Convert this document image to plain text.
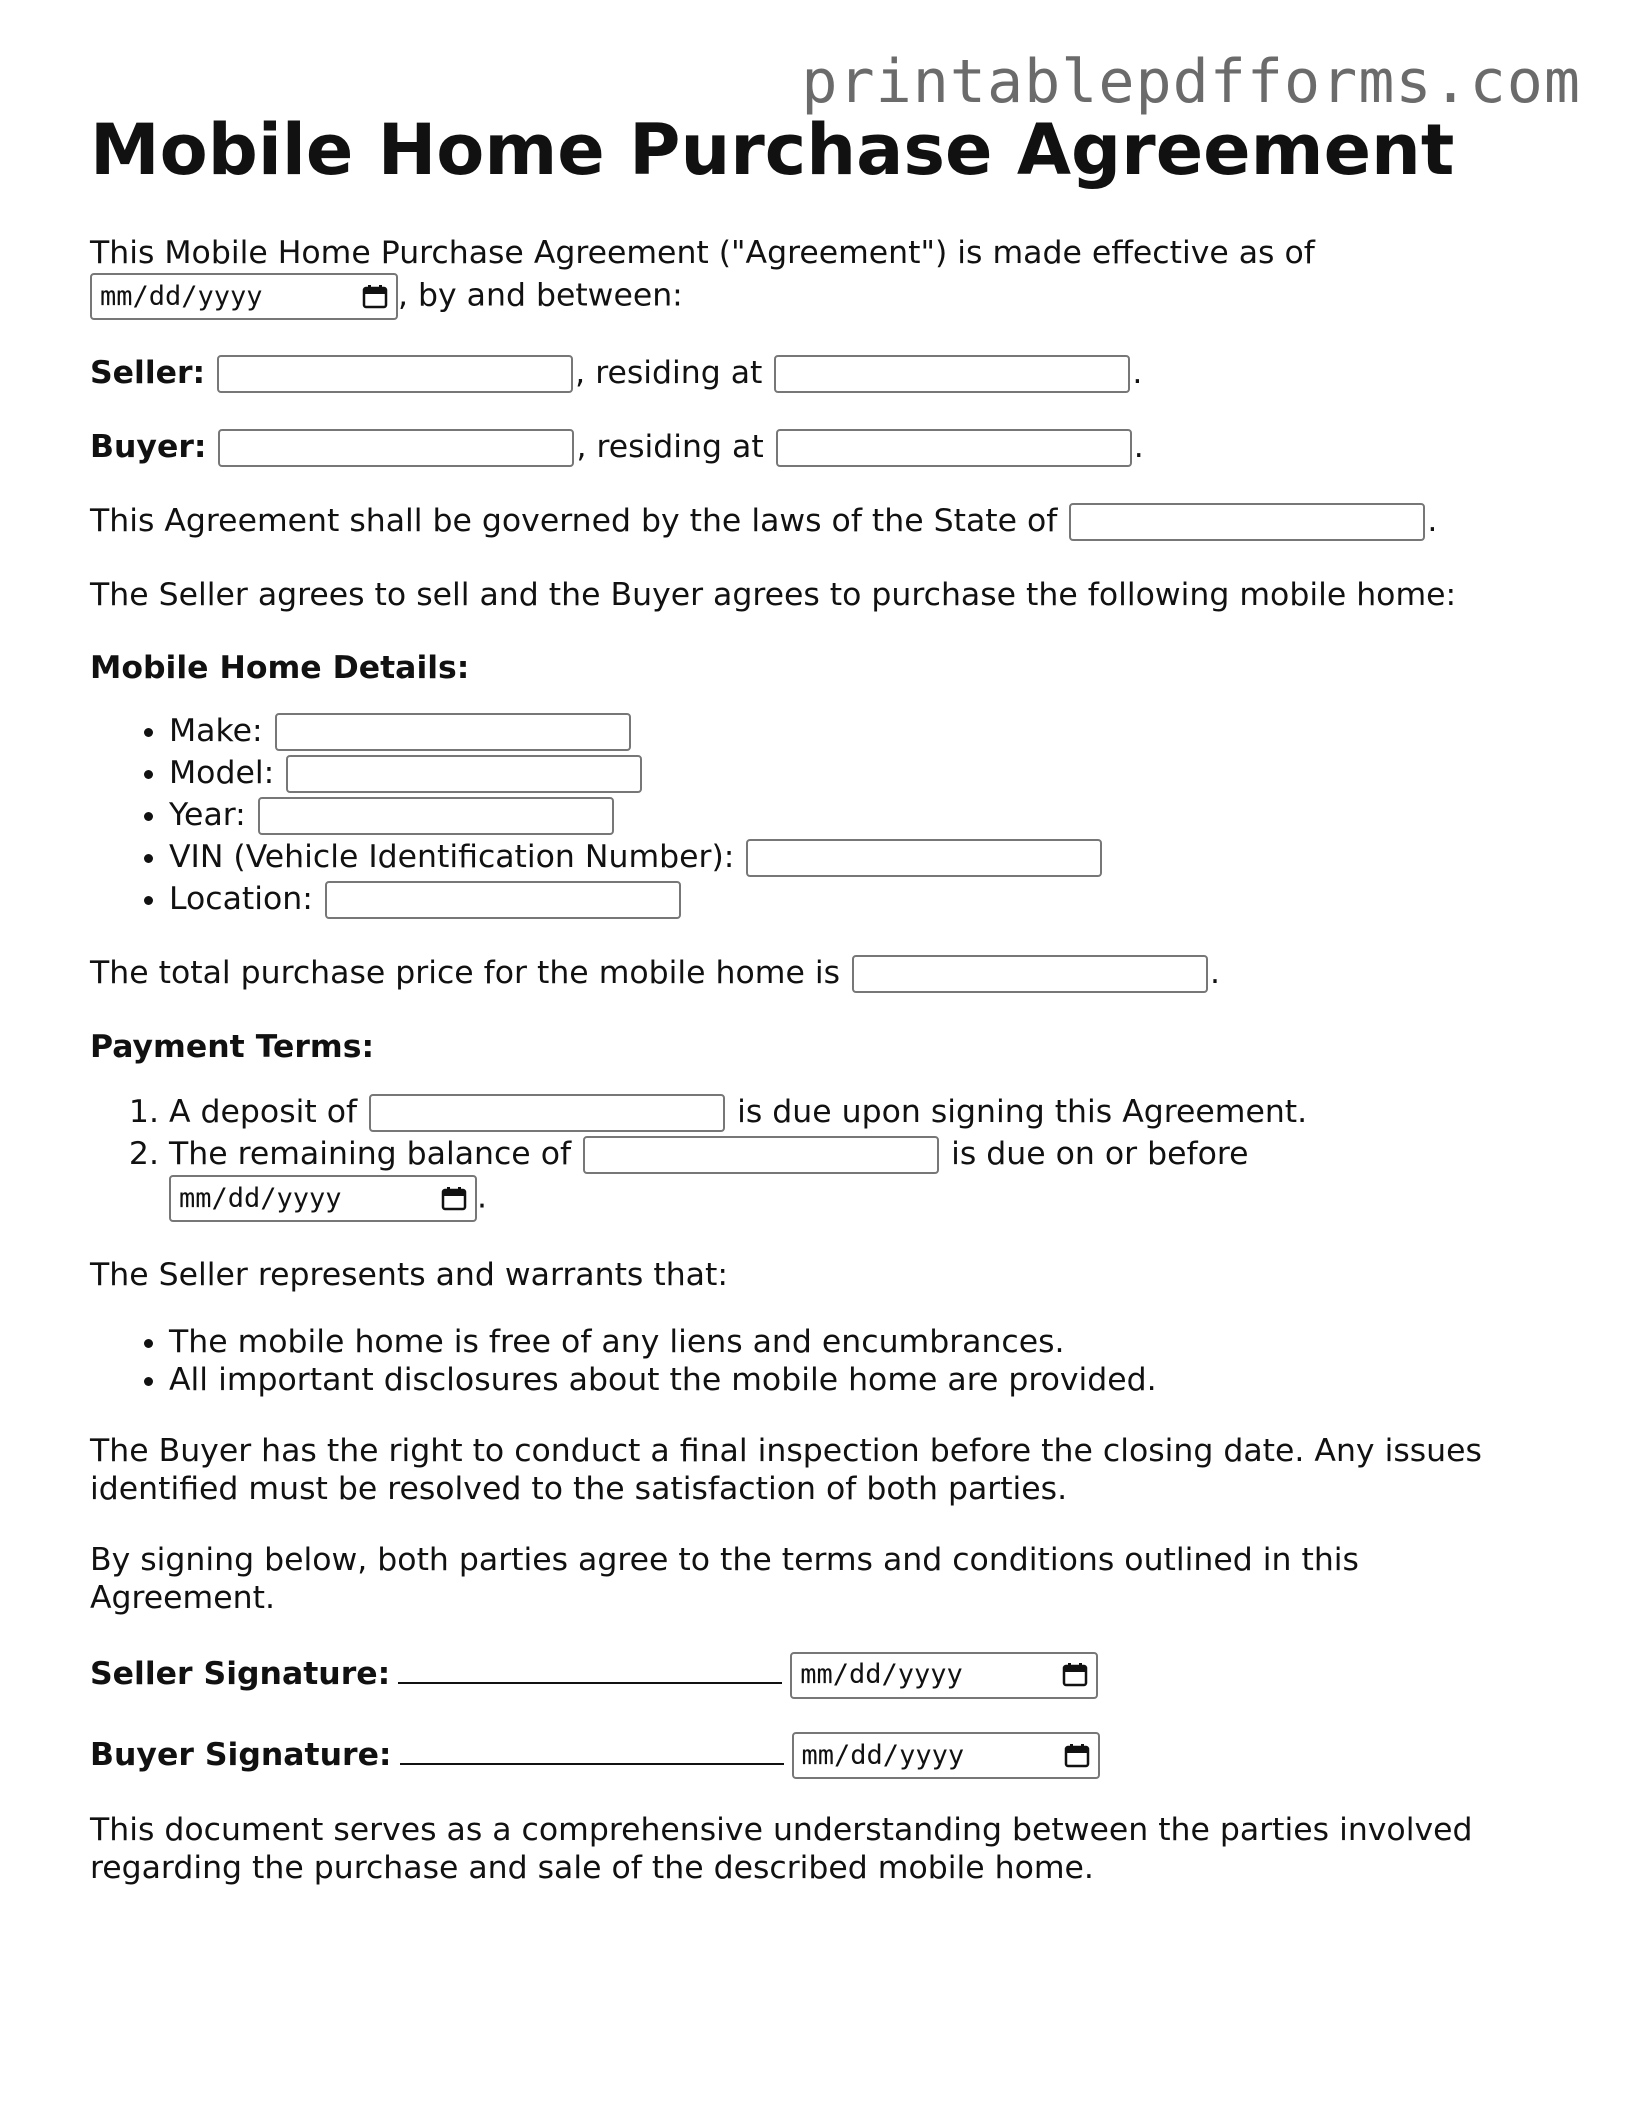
printablepdfforms.com
Mobile Home Purchase Agreement

This Mobile Home Purchase Agreement ("Agreement") is made effective as of

mm/dd/yyyy	, by and between:

Seller:	, residing at	.
Buyer:	, residing at	.
This Agreement shall be governed by the laws of the State of	.

The Seller agrees to sell and the Buyer agrees to purchase the following mobile home:

Mobile Home Details:

• Make:
• Model:
• Year:
• VIN (Vehicle Identification Number):
• Location:
The total purchase price for the mobile home is	.

Payment Terms:

1. A deposit of	is due upon signing this Agreement.
2. The remaining balance of	is due on or before

mm/dd/yyyy	.

The Seller represents and warrants that:

• The mobile home is free of any liens and encumbrances.
• All important disclosures about the mobile home are provided.

The Buyer has the right to conduct a final inspection before the closing date. Any issues identified must be resolved to the satisfaction of both parties.

By signing below, both parties agree to the terms and conditions outlined in this Agreement.

Seller Signature:	mm/dd/yyyy
Buyer Signature:	mm/dd/yyyy

This document serves as a comprehensive understanding between the parties involved regarding the purchase and sale of the described mobile home.
